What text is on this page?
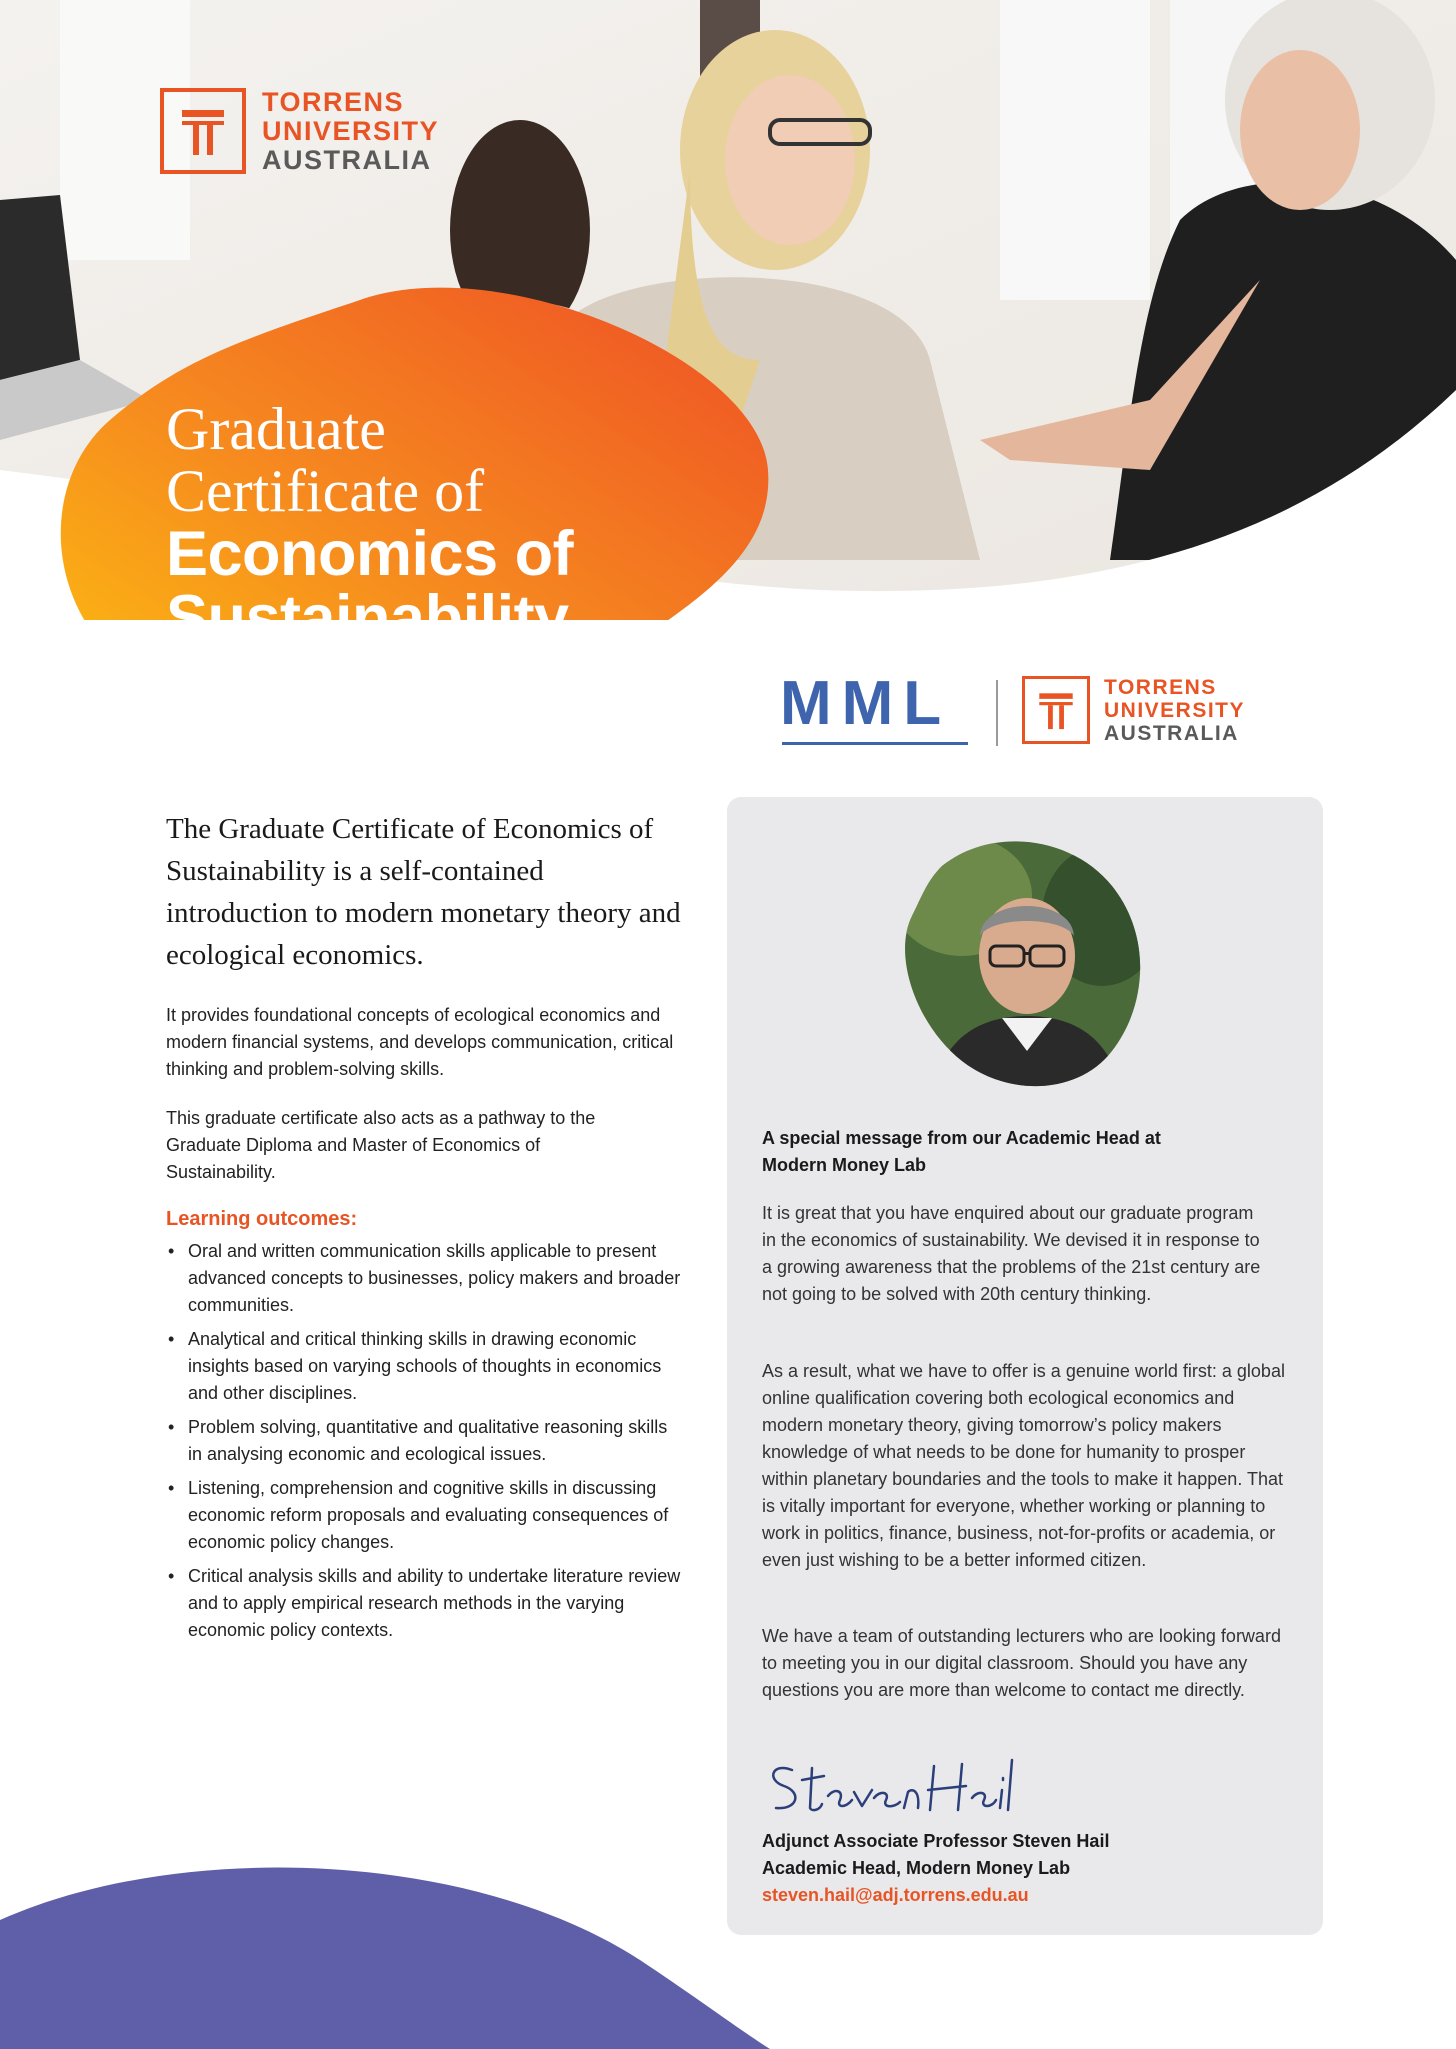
TORRENS
UNIVERSITY
AUSTRALIA
Graduate
Certificate of
Economics of
Sustainability
MML	TORRENS
UNIVERSITY
AUSTRALIA
The Graduate Certificate of Economics of Sustainability is a self-contained introduction to modern monetary theory and ecological economics.
It provides foundational concepts of ecological economics and modern financial systems, and develops communication, critical thinking and problem-solving skills.
This graduate certificate also acts as a pathway to the Graduate Diploma and Master of Economics of Sustainability.
Learning outcomes:
• Oral and written communication skills applicable to present advanced concepts to businesses, policy makers and broader communities.
• Analytical and critical thinking skills in drawing economic insights based on varying schools of thoughts in economics and other disciplines.
• Problem solving, quantitative and qualitative reasoning skills in analysing economic and ecological issues.
• Listening, comprehension and cognitive skills in discussing economic reform proposals and evaluating consequences of economic policy changes.
• Critical analysis skills and ability to undertake literature review and to apply empirical research methods in the varying economic policy contexts.
A special message from our Academic Head at Modern Money Lab
It is great that you have enquired about our graduate program in the economics of sustainability. We devised it in response to a growing awareness that the problems of the 21st century are not going to be solved with 20th century thinking.
As a result, what we have to offer is a genuine world first: a global online qualification covering both ecological economics and modern monetary theory, giving tomorrow’s policy makers knowledge of what needs to be done for humanity to prosper within planetary boundaries and the tools to make it happen. That is vitally important for everyone, whether working or planning to work in politics, finance, business, not-for-profits or academia, or even just wishing to be a better informed citizen.
We have a team of outstanding lecturers who are looking forward to meeting you in our digital classroom. Should you have any questions you are more than welcome to contact me directly.
Adjunct Associate Professor Steven Hail
Academic Head, Modern Money Lab
steven.hail@adj.torrens.edu.au
